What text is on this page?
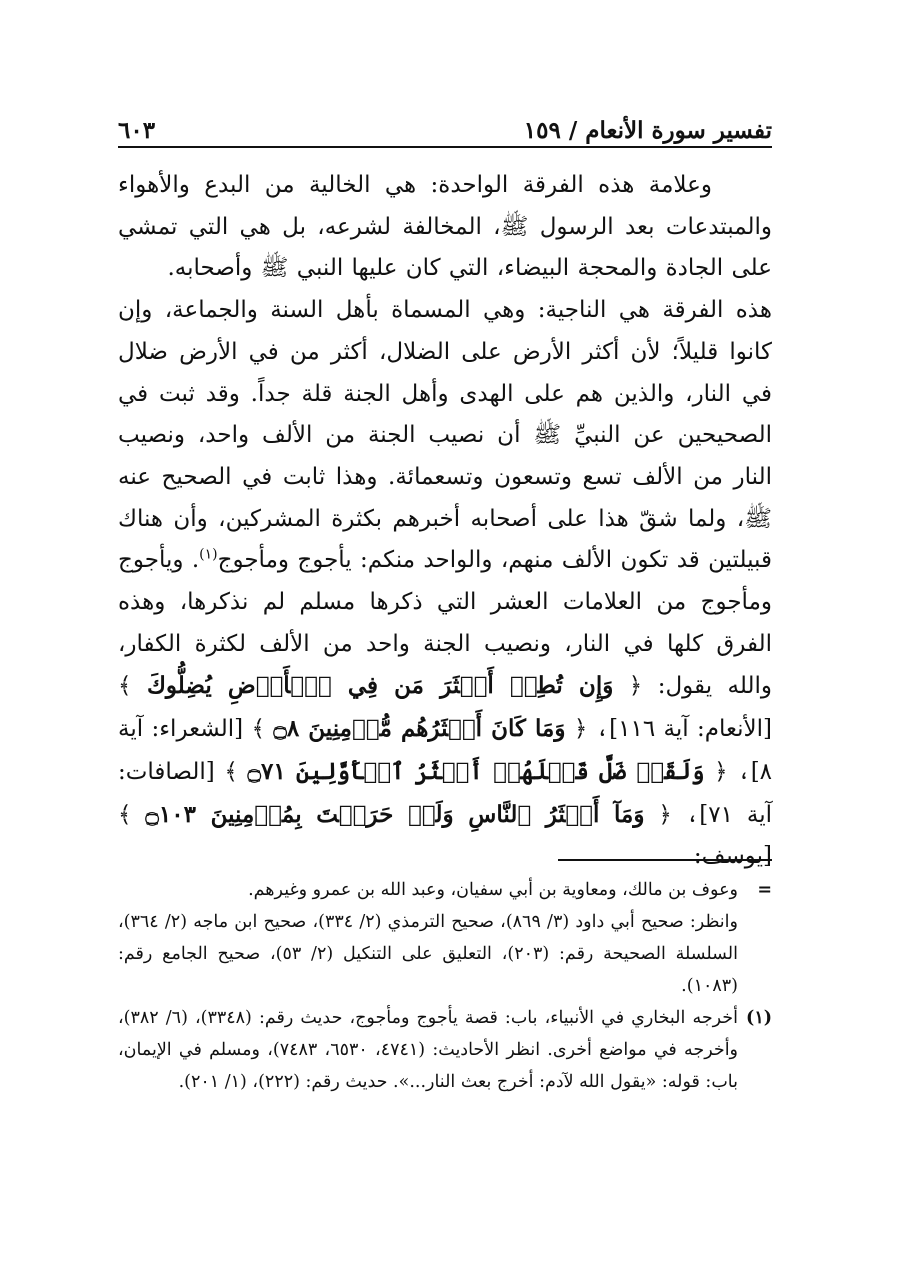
تفسير سورة الأنعام / ١٥٩
٦٠٣

وعلامة هذه الفرقة الواحدة: هي الخالية من البدع والأهواء والمبتدعات بعد الرسول ﷺ، المخالفة لشرعه، بل هي التي تمشي على الجادة والمحجة البيضاء، التي كان عليها النبي ﷺ وأصحابه.

هذه الفرقة هي الناجية: وهي المسماة بأهل السنة والجماعة، وإن كانوا قليلاً؛ لأن أكثر الأرض على الضلال، أكثر من في الأرض ضلال في النار، والذين هم على الهدى وأهل الجنة قلة جداً. وقد ثبت في الصحيحين عن النبيِّ ﷺ أن نصيب الجنة من الألف واحد، ونصيب النار من الألف تسع وتسعون وتسعمائة. وهذا ثابت في الصحيح عنه ﷺ، ولما شقّ هذا على أصحابه أخبرهم بكثرة المشركين، وأن هناك قبيلتين قد تكون الألف منهم، والواحد منكم: يأجوج ومأجوج$^{(١)}$. ويأجوج ومأجوج من العلامات العشر التي ذكرها مسلم لم نذكرها، وهذه الفرق كلها في النار، ونصيب الجنة واحد من الألف لكثرة الكفار، والله يقول: ﴿ وَإِن تُطِعۡ أَكۡثَرَ مَن فِي ٱلۡأَرۡضِ يُضِلُّوكَ ﴾ [الأنعام: آية ١١٦]، ﴿ وَمَا كَانَ أَكۡثَرُهُم مُّؤۡمِنِينَ ۝٨ ﴾ [الشعراء: آية ٨]، ﴿ وَلَقَدۡ ضَلَّ قَبۡلَهُمۡ أَكۡثَرُ ٱلۡأَوَّلِينَ ۝٧١ ﴾ [الصافات: آية ٧١]، ﴿ وَمَآ أَكۡثَرُ ٱلنَّاسِ وَلَوۡ حَرَصۡتَ بِمُؤۡمِنِينَ ۝١٠٣ ﴾ [يوسف:

=

وعوف بن مالك، ومعاوية بن أبي سفيان، وعبد الله بن عمرو وغيرهم.

وانظر: صحيح أبي داود (٣/ ٨٦٩)، صحيح الترمذي (٢/ ٣٣٤)، صحيح ابن ماجه (٢/ ٣٦٤)، السلسلة الصحيحة رقم: (٢٠٣)، التعليق على التنكيل (٢/ ٥٣)، صحيح الجامع رقم: (١٠٨٣).

(١)

أخرجه البخاري في الأنبياء، باب: قصة يأجوج ومأجوج، حديث رقم: (٣٣٤٨)، (٦/ ٣٨٢)، وأخرجه في مواضع أخرى. انظر الأحاديث: (٤٧٤١، ٦٥٣٠، ٧٤٨٣)، ومسلم في الإيمان، باب: قوله: «يقول الله لآدم: أخرج بعث النار...». حديث رقم: (٢٢٢)، (١/ ٢٠١).
